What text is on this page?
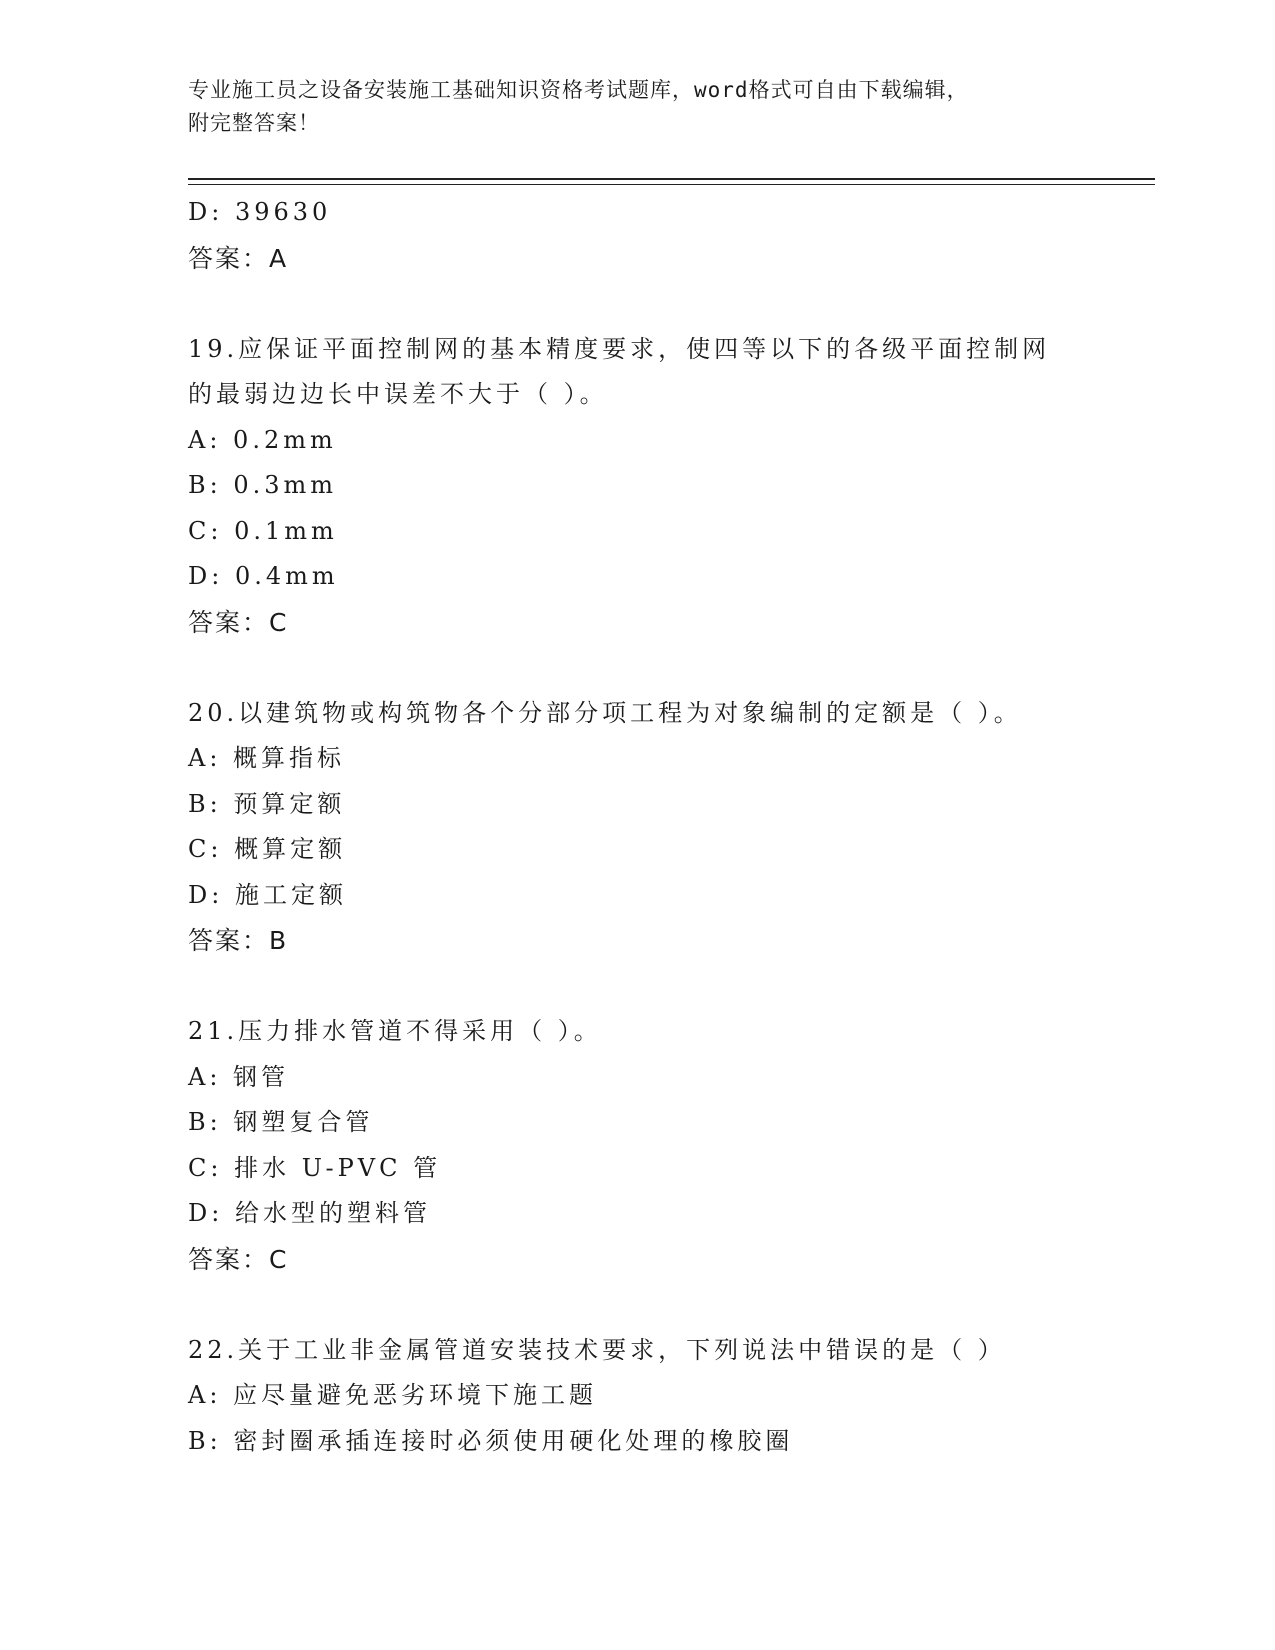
专业施工员之设备安装施工基础知识资格考试题库，word格式可自由下载编辑，
附完整答案！
D: 39630
答案：A
19.应保证平面控制网的基本精度要求，使四等以下的各级平面控制网
的最弱边边长中误差不大于（ ）。
A: 0.2mm
B: 0.3mm
C: 0.1mm
D: 0.4mm
答案：C
20.以建筑物或构筑物各个分部分项工程为对象编制的定额是（ ）。
A: 概算指标
B: 预算定额
C: 概算定额
D: 施工定额
答案：B
21.压力排水管道不得采用（ ）。
A: 钢管
B: 钢塑复合管
C: 排水 U-PVC 管
D: 给水型的塑料管
答案：C
22.关于工业非金属管道安装技术要求，下列说法中错误的是（ ）
A: 应尽量避免恶劣环境下施工题
B: 密封圈承插连接时必须使用硬化处理的橡胶圈
